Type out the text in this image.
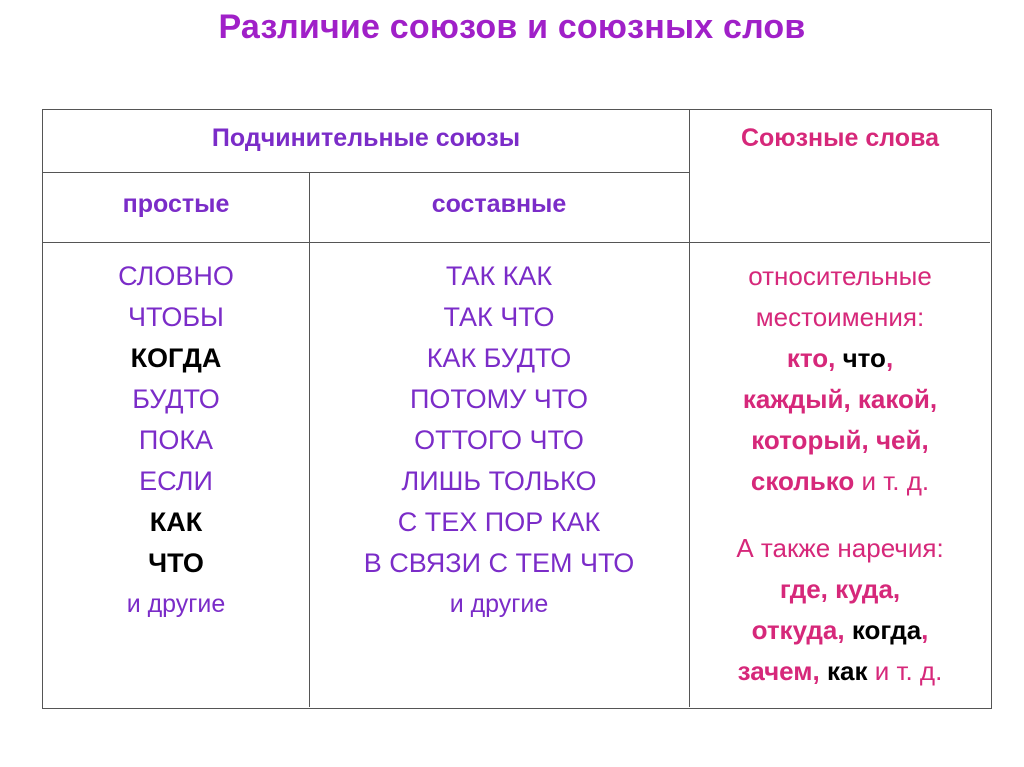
Различие союзов и союзных слов
Подчинительные союзы	Союзные слова
простые	составные
СЛОВНО
ЧТОБЫ
КОГДА
БУДТО
ПОКА
ЕСЛИ
КАК
ЧТО
и другие
ТАК КАК
ТАК ЧТО
КАК БУДТО
ПОТОМУ ЧТО
ОТТОГО ЧТО
ЛИШЬ ТОЛЬКО
С ТЕХ ПОР КАК
В СВЯЗИ С ТЕМ ЧТО
и другие
относительные
местоимения:
кто, что,
каждый, какой,
который, чей,
сколько и т. д.
А также наречия:
где, куда,
откуда, когда,
зачем, как и т. д.
